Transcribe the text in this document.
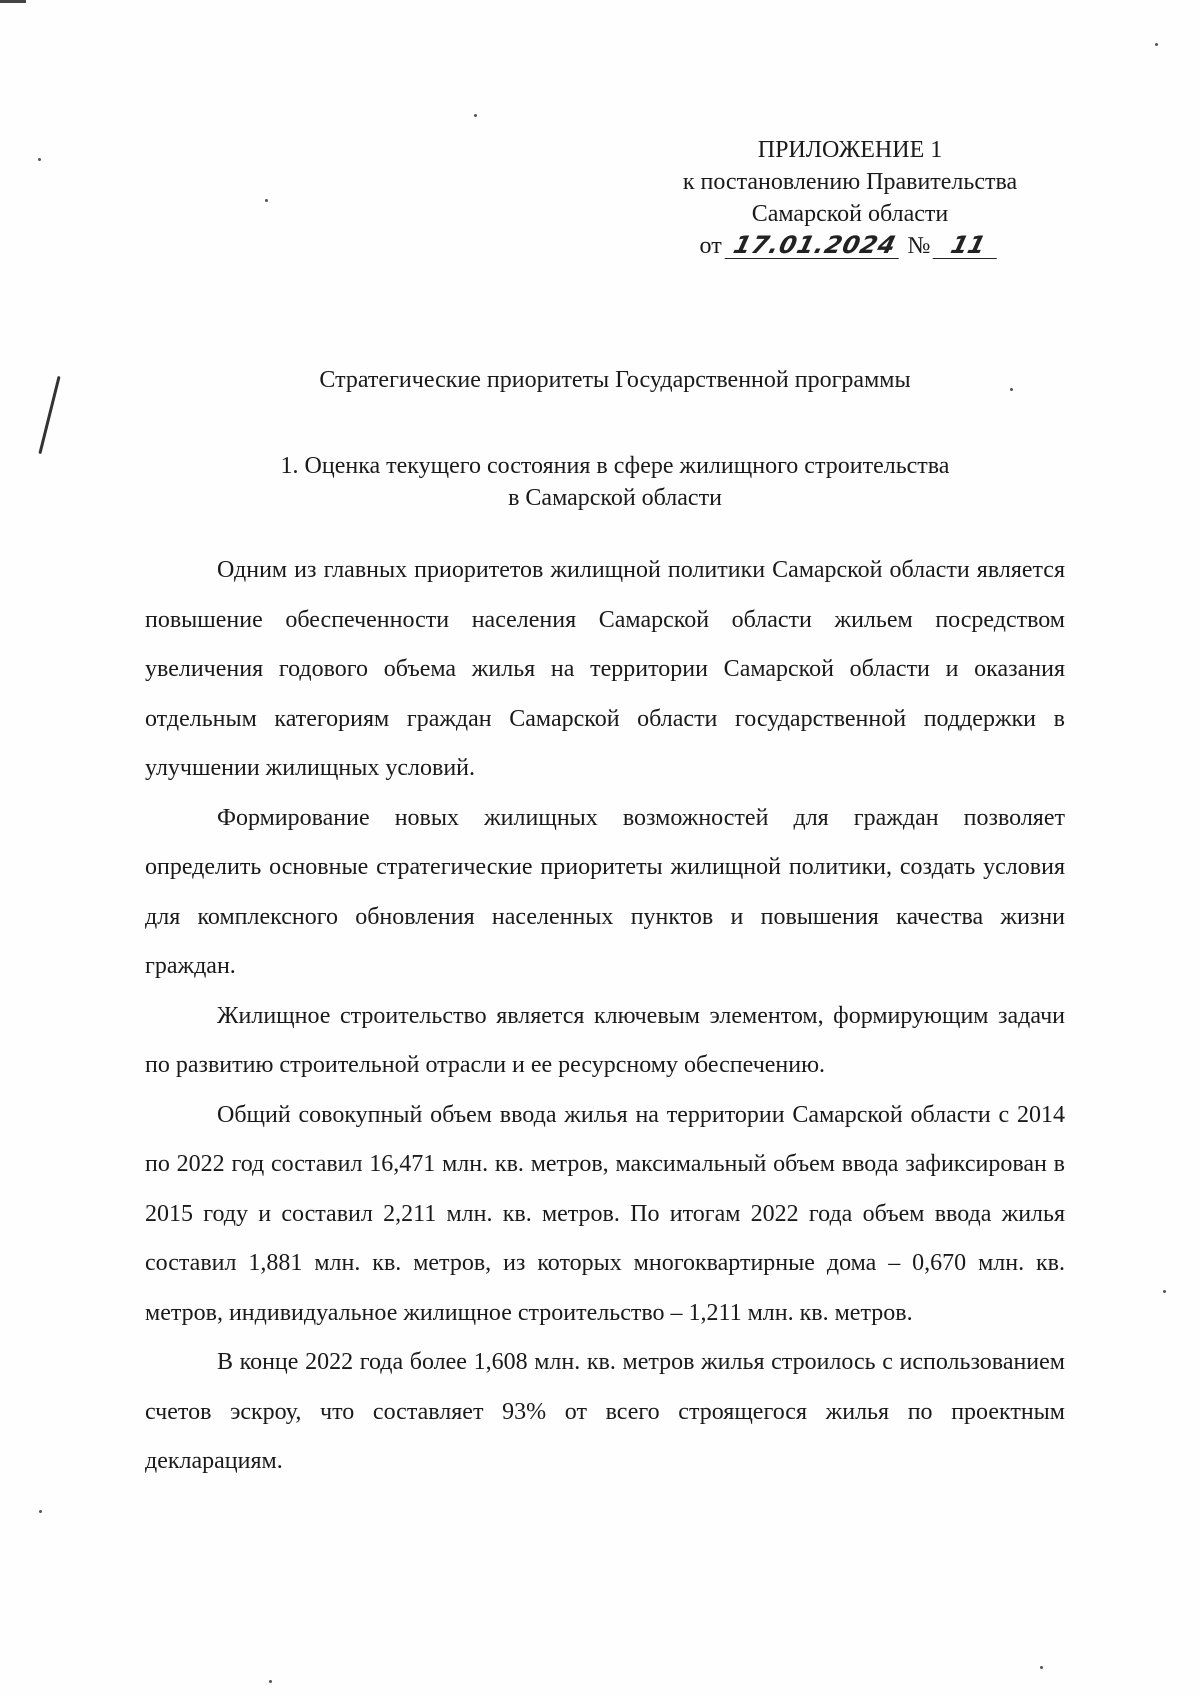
ПРИЛОЖЕНИЕ 1
к постановлению Правительства
Самарской области
от 17.01.2024 № 11
Стратегические приоритеты Государственной программы
1. Оценка текущего состояния в сфере жилищного строительства
в Самарской области

Одним из главных приоритетов жилищной политики Самарской области является повышение обеспеченности населения Самарской области жильем посредством увеличения годового объема жилья на территории Самарской области и оказания отдельным категориям граждан Самарской области государственной поддержки в улучшении жилищных условий.

Формирование новых жилищных возможностей для граждан позволяет определить основные стратегические приоритеты жилищной политики, создать условия для комплексного обновления населенных пунктов и повышения качества жизни граждан.

Жилищное строительство является ключевым элементом, формирующим задачи по развитию строительной отрасли и ее ресурсному обеспечению.

Общий совокупный объем ввода жилья на территории Самарской области с 2014 по 2022 год составил 16,471 млн. кв. метров, максимальный объем ввода зафиксирован в 2015 году и составил 2,211 млн. кв. метров. По итогам 2022 года объем ввода жилья составил 1,881 млн. кв. метров, из которых многоквартирные дома – 0,670 млн. кв. метров, индивидуальное жилищное строительство – 1,211 млн. кв. метров.

В конце 2022 года более 1,608 млн. кв. метров жилья строилось с использованием счетов эскроу, что составляет 93% от всего строящегося жилья по проектным декларациям.
